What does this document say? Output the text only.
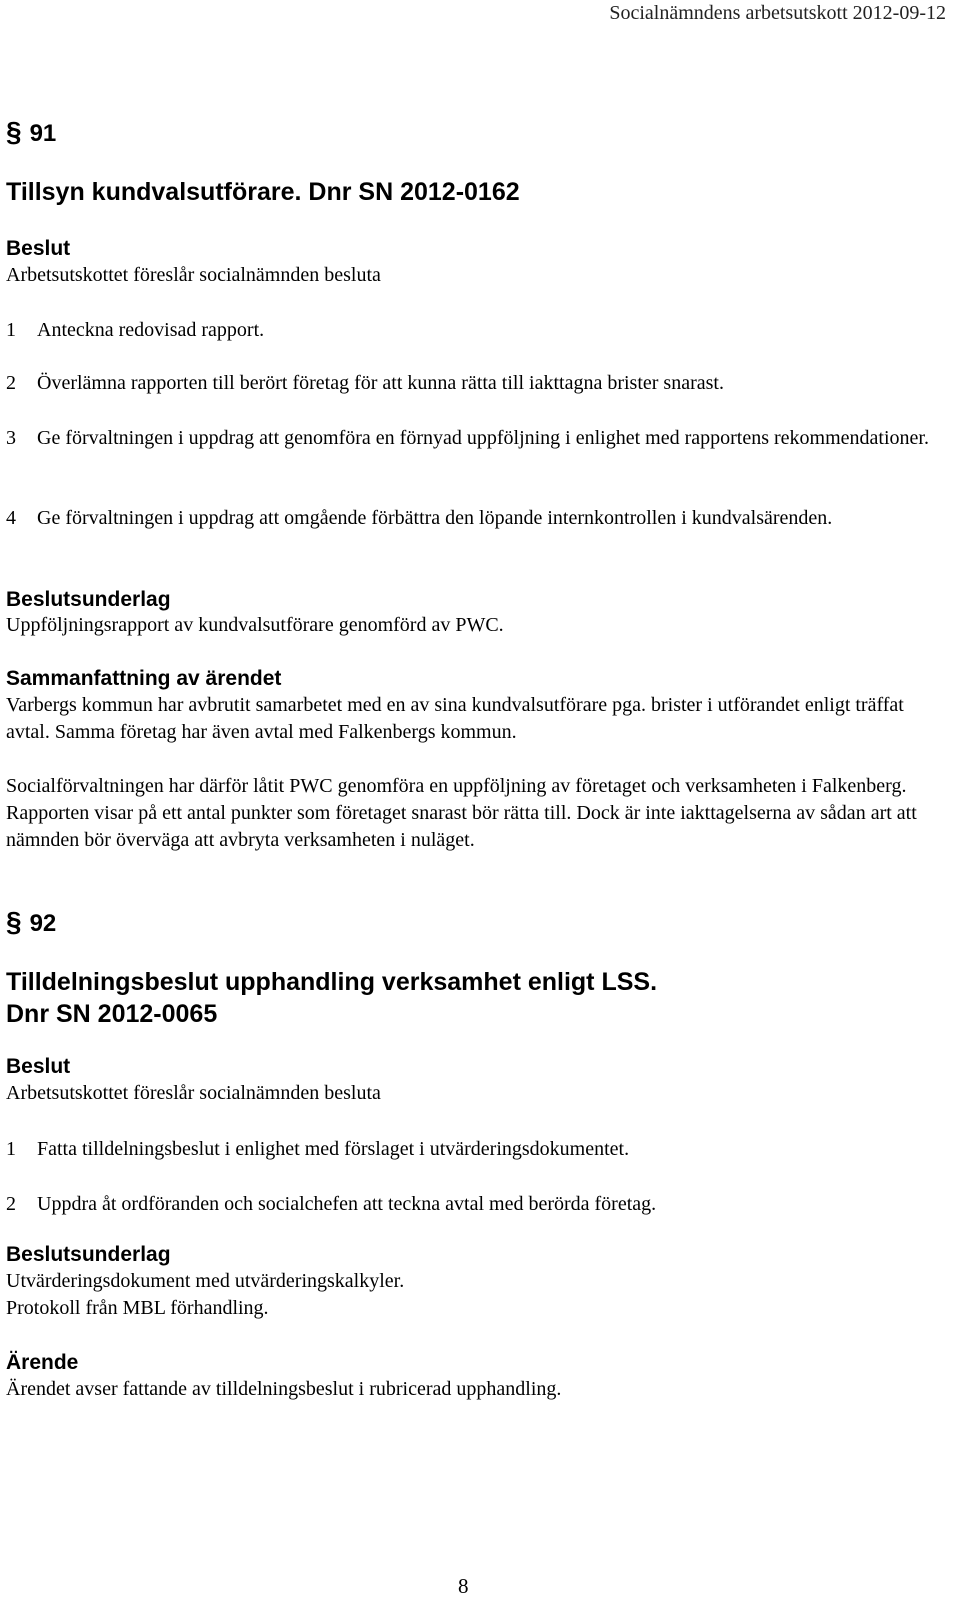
Socialnämndens arbetsutskott 2012-09-12

§ 91

Tillsyn kundvalsutförare. Dnr SN 2012-0162

Beslut

Arbetsutskottet föreslår socialnämnden besluta

1 Anteckna redovisad rapport.

2 Överlämna rapporten till berört företag för att kunna rätta till iakttagna brister snarast.

3 Ge förvaltningen i uppdrag att genomföra en förnyad uppföljning i enlighet med rapportens rekommendationer.

4 Ge förvaltningen i uppdrag att omgående förbättra den löpande internkontrollen i kundvalsärenden.

Beslutsunderlag

Uppföljningsrapport av kundvalsutförare genomförd av PWC.

Sammanfattning av ärendet

Varbergs kommun har avbrutit samarbetet med en av sina kundvalsutförare pga. brister i utförandet enligt träffat avtal. Samma företag har även avtal med Falkenbergs kommun.

Socialförvaltningen har därför låtit PWC genomföra en uppföljning av företaget och verksamheten i Falkenberg. Rapporten visar på ett antal punkter som företaget snarast bör rätta till. Dock är inte iakttagelserna av sådan art att nämnden bör överväga att avbryta verksamheten i nuläget.

§ 92

Tilldelningsbeslut upphandling verksamhet enligt LSS.

Dnr SN 2012-0065

Beslut

Arbetsutskottet föreslår socialnämnden besluta

1 Fatta tilldelningsbeslut i enlighet med förslaget i utvärderingsdokumentet.

2 Uppdra åt ordföranden och socialchefen att teckna avtal med berörda företag.

Beslutsunderlag

Utvärderingsdokument med utvärderingskalkyler.

Protokoll från MBL förhandling.

Ärende

Ärendet avser fattande av tilldelningsbeslut i rubricerad upphandling.

8
